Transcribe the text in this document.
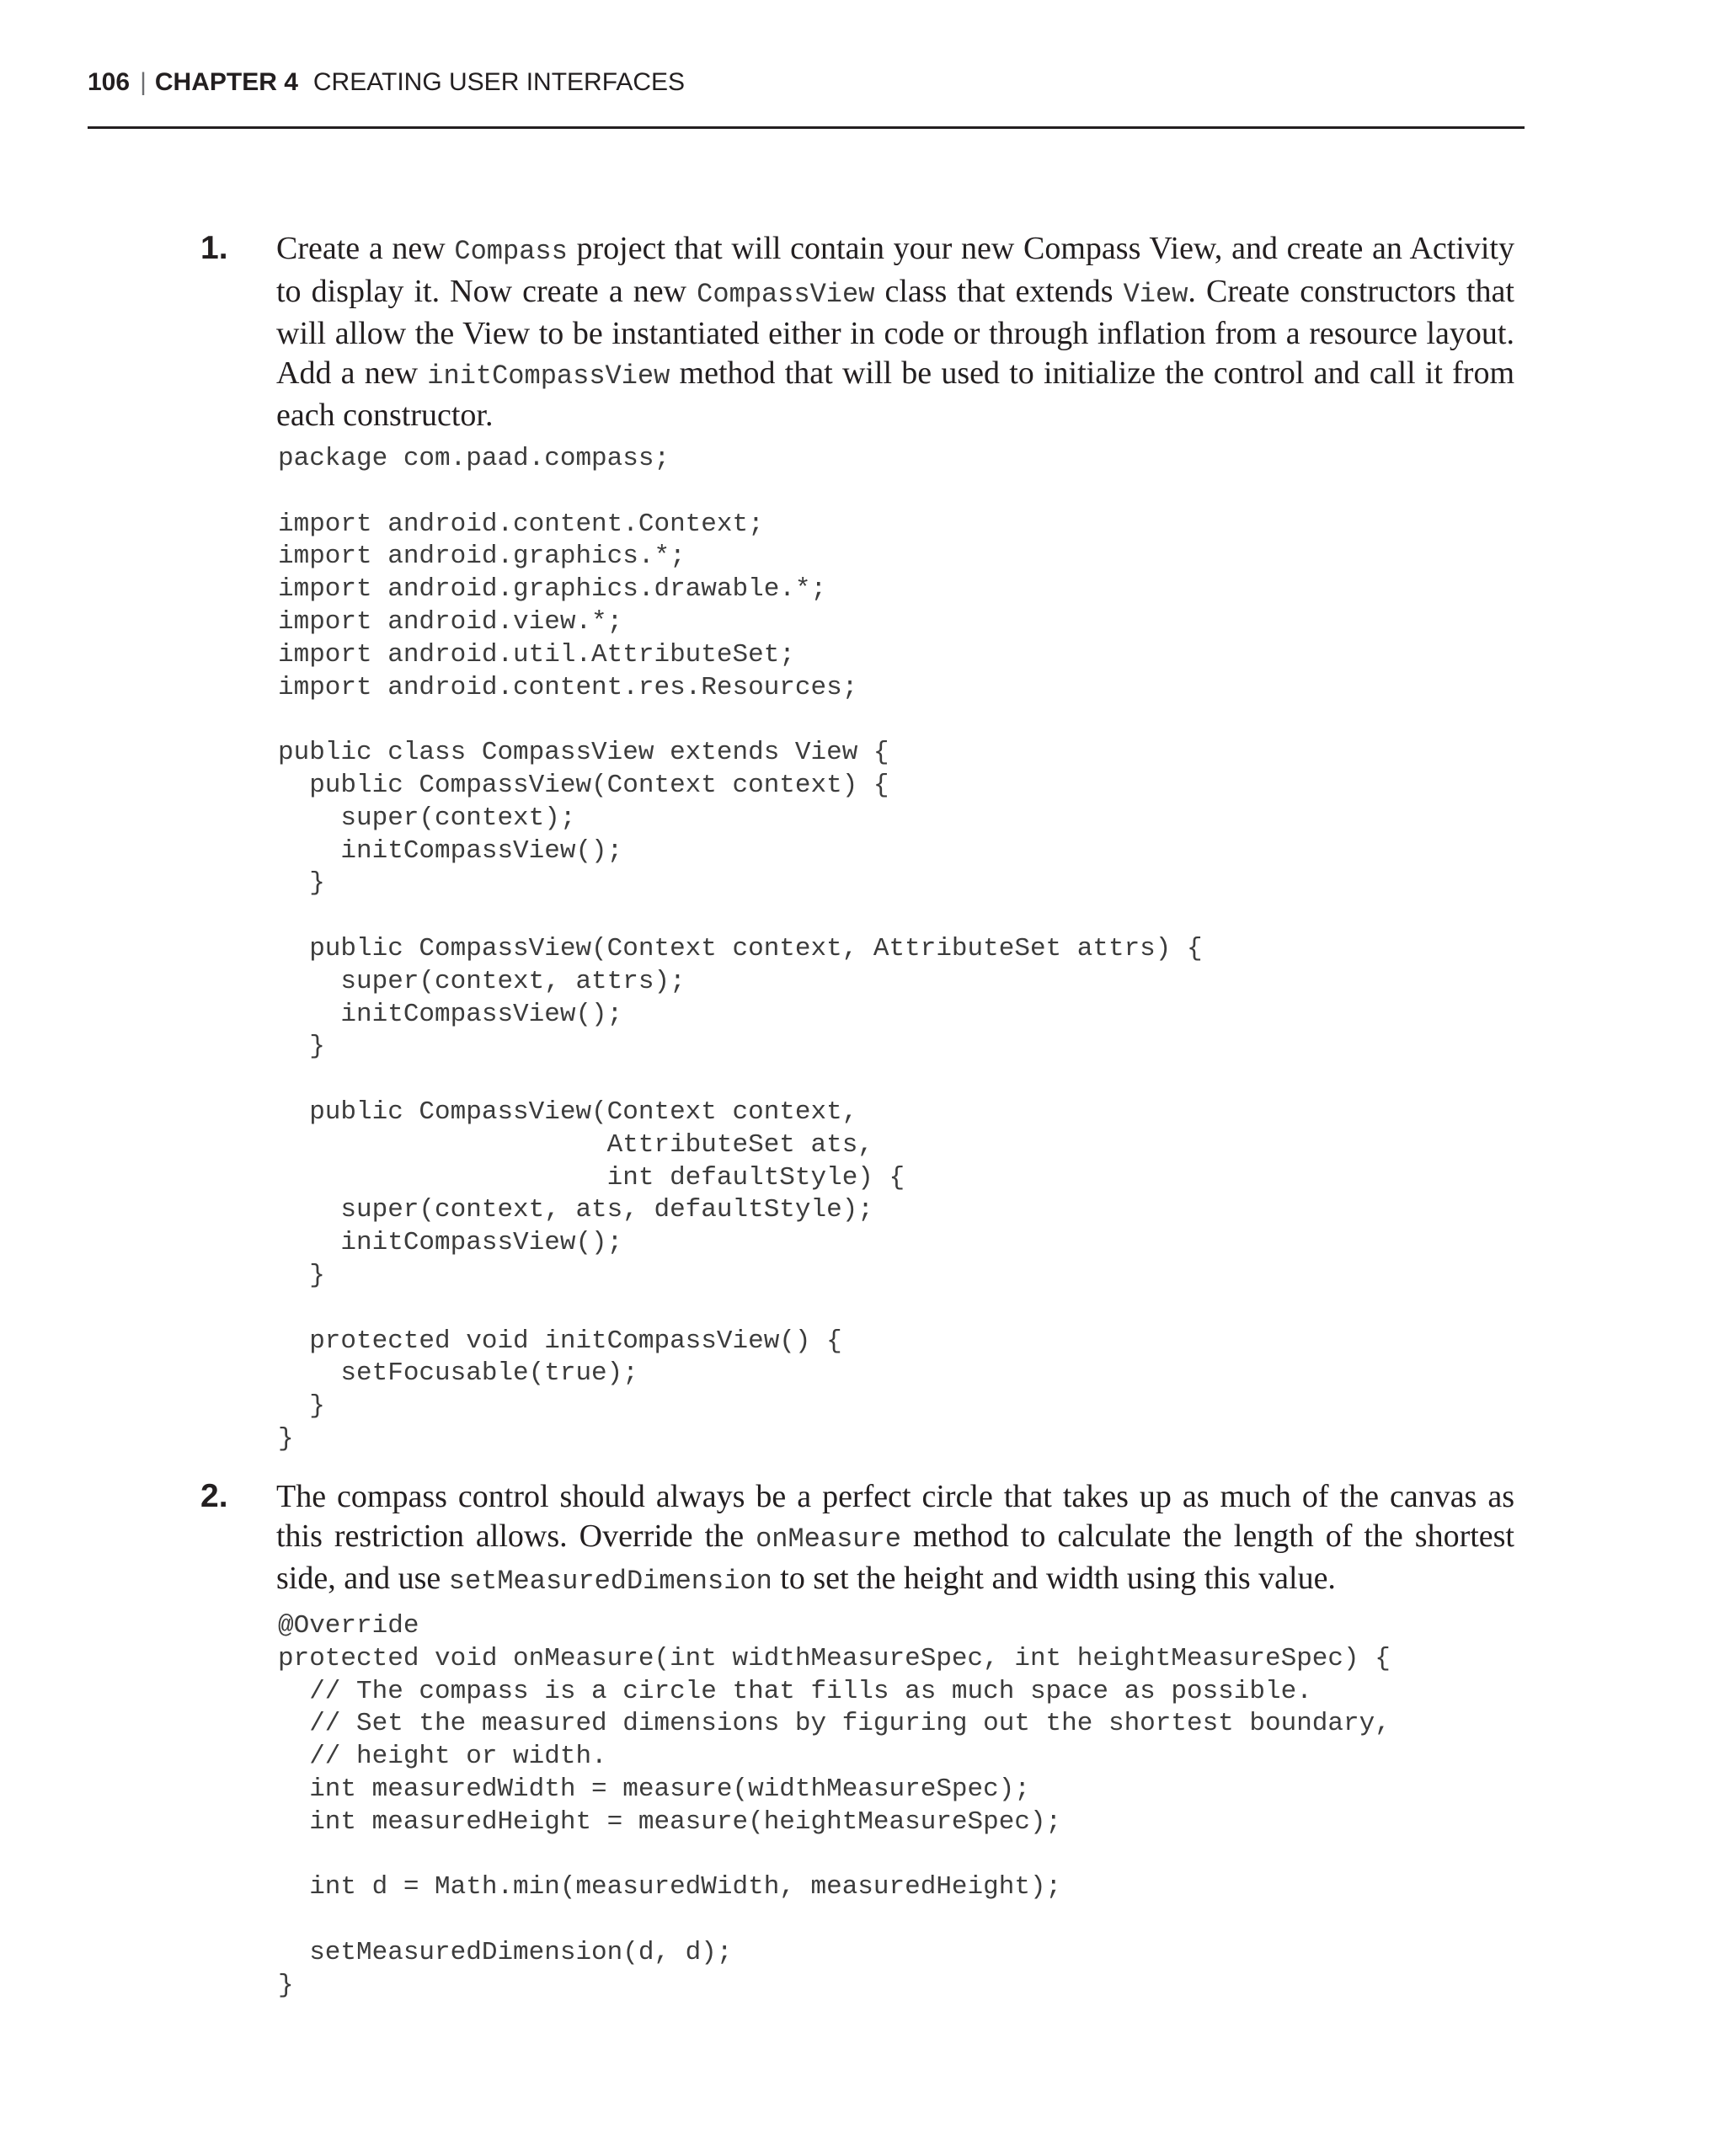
106 | CHAPTER 4 CREATING USER INTERFACES
1. Create a new Compass project that will contain your new Compass View, and create an Activity to display it. Now create a new CompassView class that extends View. Create constructors that will allow the View to be instantiated either in code or through inflation from a resource layout. Add a new initCompassView method that will be used to initialize the control and call it from each constructor.
package com.paad.compass;

import android.content.Context;
import android.graphics.*;
import android.graphics.drawable.*;
import android.view.*;
import android.util.AttributeSet;
import android.content.res.Resources;

public class CompassView extends View {
public CompassView(Context context) {
super(context);
initCompassView();
}

public CompassView(Context context, AttributeSet attrs) {
super(context, attrs);
initCompassView();
}

public CompassView(Context context,
AttributeSet ats,
int defaultStyle) {
super(context, ats, defaultStyle);
initCompassView();
}

protected void initCompassView() {
setFocusable(true);
}
}
2. The compass control should always be a perfect circle that takes up as much of the canvas as this restriction allows. Override the onMeasure method to calculate the length of the shortest side, and use setMeasuredDimension to set the height and width using this value.
@Override
protected void onMeasure(int widthMeasureSpec, int heightMeasureSpec) {
// The compass is a circle that fills as much space as possible.
// Set the measured dimensions by figuring out the shortest boundary,
// height or width.
int measuredWidth = measure(widthMeasureSpec);
int measuredHeight = measure(heightMeasureSpec);

int d = Math.min(measuredWidth, measuredHeight);

setMeasuredDimension(d, d);
}
